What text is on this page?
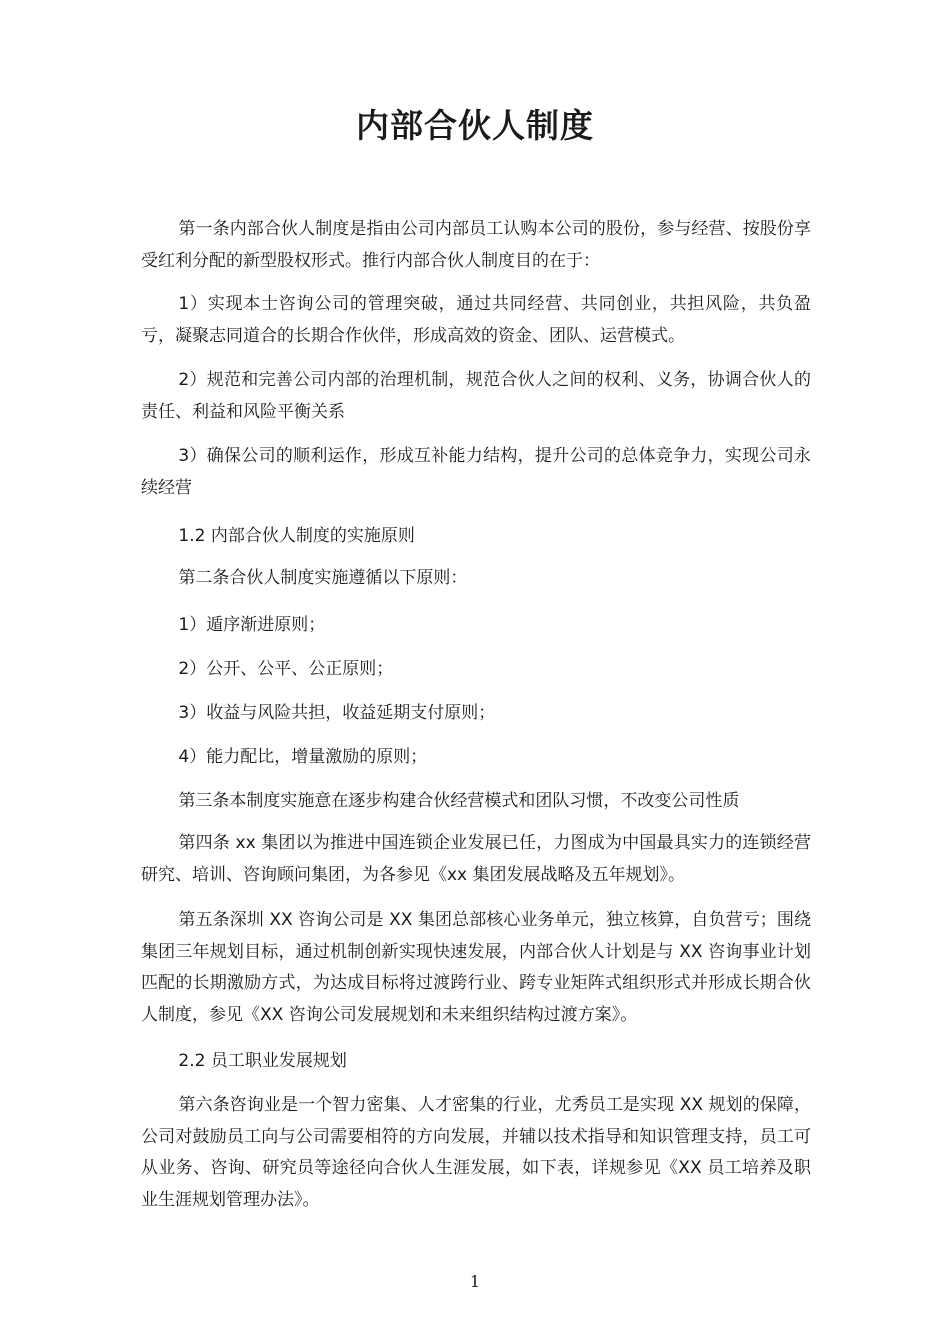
内部合伙人制度

第一条内部合伙人制度是指由公司内部员工认购本公司的股份，参与经营、按股份享受红利分配的新型股权形式。推行内部合伙人制度目的在于：

1）实现本士咨询公司的管理突破，通过共同经营、共同创业，共担风险，共负盈亏，凝聚志同道合的长期合作伙伴，形成高效的资金、团队、运营模式。

2）规范和完善公司内部的治理机制，规范合伙人之间的权利、义务，协调合伙人的责任、利益和风险平衡关系

3）确保公司的顺利运作，形成互补能力结构，提升公司的总体竞争力，实现公司永续经营

1.2 内部合伙人制度的实施原则

第二条合伙人制度实施遵循以下原则：

1）遁序渐进原则；

2）公开、公平、公正原则；

3）收益与风险共担，收益延期支付原则；

4）能力配比，增量激励的原则；

第三条本制度实施意在逐步构建合伙经营模式和团队习惯，不改变公司性质

第四条 xx 集团以为推进中国连锁企业发展已任，力图成为中国最具实力的连锁经营研究、培训、咨询顾问集团，为各参见《xx 集团发展战略及五年规划》。

第五条深圳 XX 咨询公司是 XX 集团总部核心业务单元，独立核算，自负营亏；围绕集团三年规划目标，通过机制创新实现快速发展，内部合伙人计划是与 XX 咨询事业计划匹配的长期激励方式，为达成目标将过渡跨行业、跨专业矩阵式组织形式并形成长期合伙人制度，参见《XX 咨询公司发展规划和未来组织结构过渡方案》。

2.2 员工职业发展规划

第六条咨询业是一个智力密集、人才密集的行业，尤秀员工是实现 XX 规划的保障，公司对鼓励员工向与公司需要相符的方向发展，并辅以技术指导和知识管理支持，员工可从业务、咨询、研究员等途径向合伙人生涯发展，如下表，详规参见《XX 员工培养及职业生涯规划管理办法》。

1
